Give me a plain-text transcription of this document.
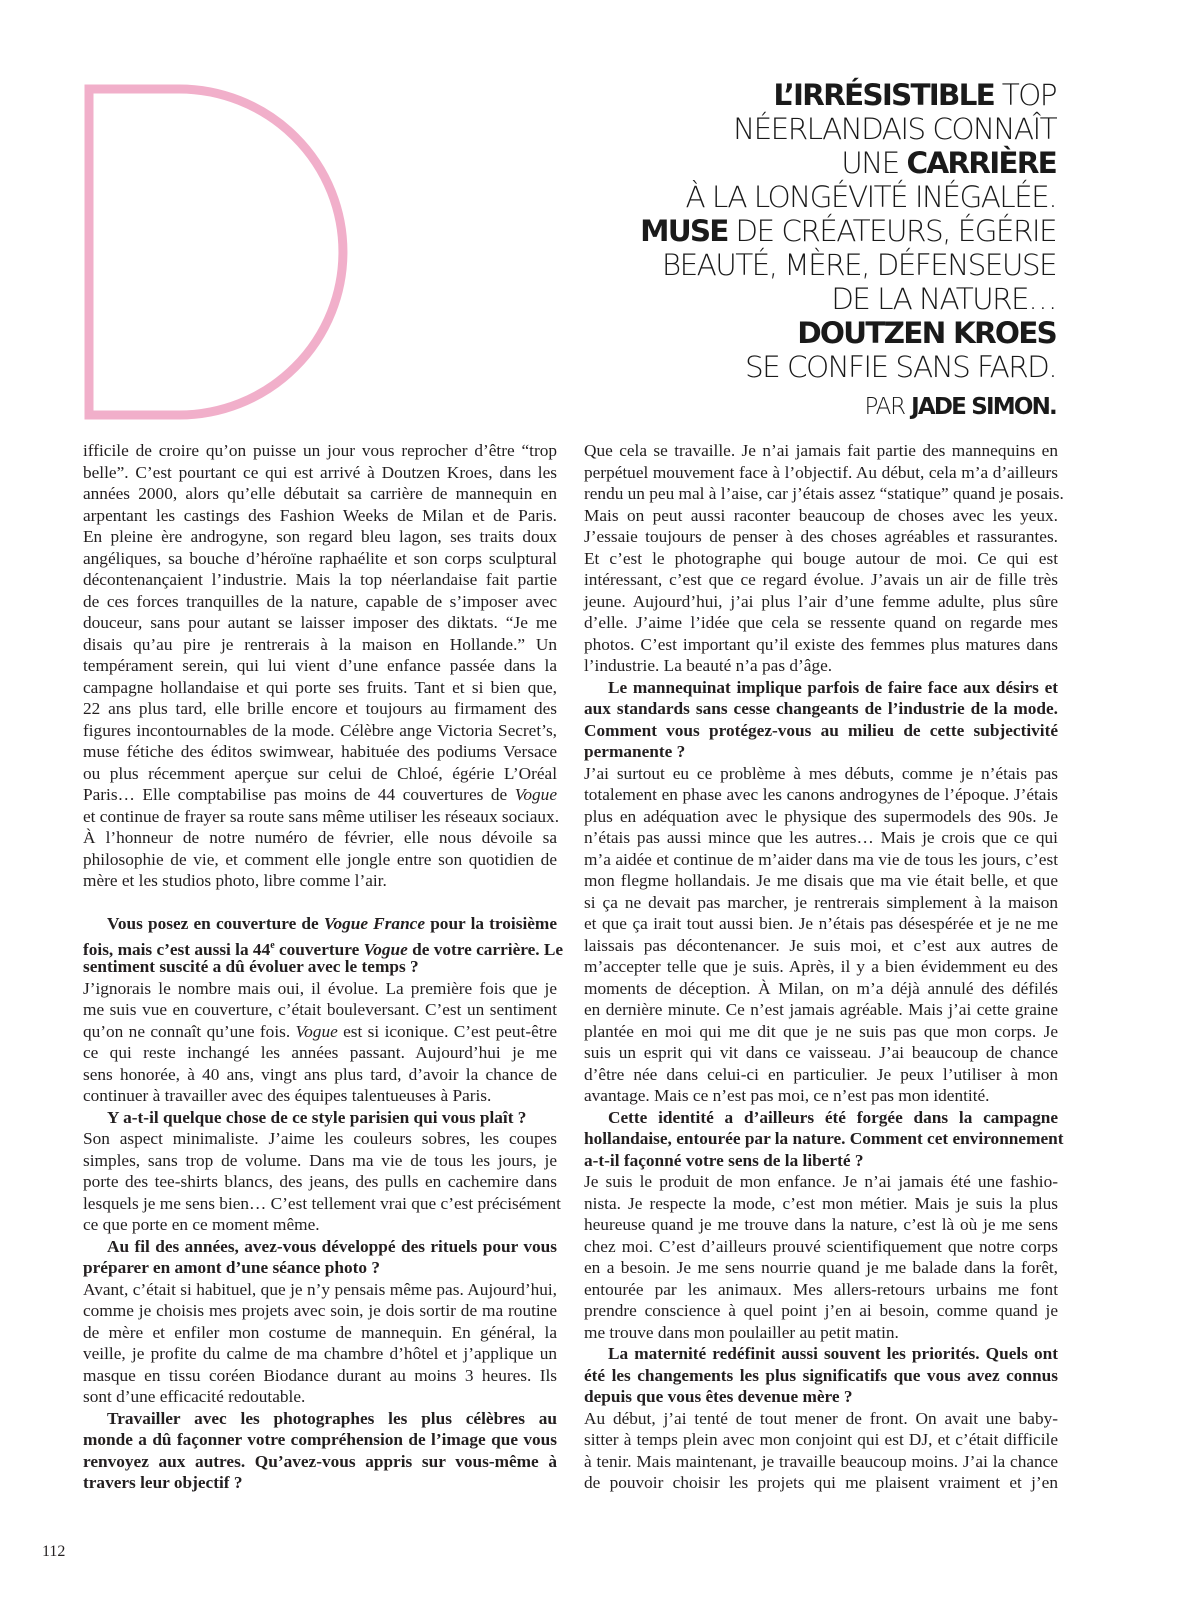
L’IRRÉSISTIBLE TOP
NÉERLANDAIS CONNAÎT
UNE CARRIÈRE
À LA LONGÉVITÉ INÉGALÉE.
MUSE DE CRÉATEURS, ÉGÉRIE
BEAUTÉ, MÈRE, DÉFENSEUSE
DE LA NATURE…
DOUTZEN KROES
SE CONFIE SANS FARD.
PAR JADE SIMON.
ifficile de croire qu’on puisse un jour vous reprocher d’être “trop
belle”. C’est pourtant ce qui est arrivé à Doutzen Kroes, dans les
années 2000, alors qu’elle débutait sa carrière de mannequin en
arpentant les castings des Fashion Weeks de Milan et de Paris.
En pleine ère androgyne, son regard bleu lagon, ses traits doux
angéliques, sa bouche d’héroïne raphaélite et son corps sculptural
décontenançaient l’industrie. Mais la top néerlandaise fait partie
de ces forces tranquilles de la nature, capable de s’imposer avec
douceur, sans pour autant se laisser imposer des diktats. “Je me
disais qu’au pire je rentrerais à la maison en Hollande.” Un
tempérament serein, qui lui vient d’une enfance passée dans la
campagne hollandaise et qui porte ses fruits. Tant et si bien que,
22 ans plus tard, elle brille encore et toujours au firmament des
figures incontournables de la mode. Célèbre ange Victoria Secret’s,
muse fétiche des éditos swimwear, habituée des podiums Versace
ou plus récemment aperçue sur celui de Chloé, égérie L’Oréal
Paris… Elle comptabilise pas moins de 44 couvertures de Vogue
et continue de frayer sa route sans même utiliser les réseaux sociaux.
À l’honneur de notre numéro de février, elle nous dévoile sa
philosophie de vie, et comment elle jongle entre son quotidien de
mère et les studios photo, libre comme l’air.
Vous posez en couverture de Vogue France pour la troisième
fois, mais c’est aussi la 44e couverture Vogue de votre carrière. Le
sentiment suscité a dû évoluer avec le temps ?
J’ignorais le nombre mais oui, il évolue. La première fois que je
me suis vue en couverture, c’était bouleversant. C’est un sentiment
qu’on ne connaît qu’une fois. Vogue est si iconique. C’est peut-être
ce qui reste inchangé les années passant. Aujourd’hui je me
sens honorée, à 40 ans, vingt ans plus tard, d’avoir la chance de
continuer à travailler avec des équipes talentueuses à Paris.
Y a-t-il quelque chose de ce style parisien qui vous plaît ?
Son aspect minimaliste. J’aime les couleurs sobres, les coupes
simples, sans trop de volume. Dans ma vie de tous les jours, je
porte des tee-shirts blancs, des jeans, des pulls en cachemire dans
lesquels je me sens bien… C’est tellement vrai que c’est précisément
ce que porte en ce moment même.
Au fil des années, avez-vous développé des rituels pour vous
préparer en amont d’une séance photo ?
Avant, c’était si habituel, que je n’y pensais même pas. Aujourd’hui,
comme je choisis mes projets avec soin, je dois sortir de ma routine
de mère et enfiler mon costume de mannequin. En général, la
veille, je profite du calme de ma chambre d’hôtel et j’applique un
masque en tissu coréen Biodance durant au moins 3 heures. Ils
sont d’une efficacité redoutable.
Travailler avec les photographes les plus célèbres au
monde a dû façonner votre compréhension de l’image que vous
renvoyez aux autres. Qu’avez-vous appris sur vous-même à
travers leur objectif ?
Que cela se travaille. Je n’ai jamais fait partie des mannequins en
perpétuel mouvement face à l’objectif. Au début, cela m’a d’ailleurs
rendu un peu mal à l’aise, car j’étais assez “statique” quand je posais.
Mais on peut aussi raconter beaucoup de choses avec les yeux.
J’essaie toujours de penser à des choses agréables et rassurantes.
Et c’est le photographe qui bouge autour de moi. Ce qui est
intéressant, c’est que ce regard évolue. J’avais un air de fille très
jeune. Aujourd’hui, j’ai plus l’air d’une femme adulte, plus sûre
d’elle. J’aime l’idée que cela se ressente quand on regarde mes
photos. C’est important qu’il existe des femmes plus matures dans
l’industrie. La beauté n’a pas d’âge.
Le mannequinat implique parfois de faire face aux désirs et
aux standards sans cesse changeants de l’industrie de la mode.
Comment vous protégez-vous au milieu de cette subjectivité
permanente ?
J’ai surtout eu ce problème à mes débuts, comme je n’étais pas
totalement en phase avec les canons androgynes de l’époque. J’étais
plus en adéquation avec le physique des supermodels des 90s. Je
n’étais pas aussi mince que les autres… Mais je crois que ce qui
m’a aidée et continue de m’aider dans ma vie de tous les jours, c’est
mon flegme hollandais. Je me disais que ma vie était belle, et que
si ça ne devait pas marcher, je rentrerais simplement à la maison
et que ça irait tout aussi bien. Je n’étais pas désespérée et je ne me
laissais pas décontenancer. Je suis moi, et c’est aux autres de
m’accepter telle que je suis. Après, il y a bien évidemment eu des
moments de déception. À Milan, on m’a déjà annulé des défilés
en dernière minute. Ce n’est jamais agréable. Mais j’ai cette graine
plantée en moi qui me dit que je ne suis pas que mon corps. Je
suis un esprit qui vit dans ce vaisseau. J’ai beaucoup de chance
d’être née dans celui-ci en particulier. Je peux l’utiliser à mon
avantage. Mais ce n’est pas moi, ce n’est pas mon identité.
Cette identité a d’ailleurs été forgée dans la campagne
hollandaise, entourée par la nature. Comment cet environnement
a-t-il façonné votre sens de la liberté ?
Je suis le produit de mon enfance. Je n’ai jamais été une fashio-
nista. Je respecte la mode, c’est mon métier. Mais je suis la plus
heureuse quand je me trouve dans la nature, c’est là où je me sens
chez moi. C’est d’ailleurs prouvé scientifiquement que notre corps
en a besoin. Je me sens nourrie quand je me balade dans la forêt,
entourée par les animaux. Mes allers-retours urbains me font
prendre conscience à quel point j’en ai besoin, comme quand je
me trouve dans mon poulailler au petit matin.
La maternité redéfinit aussi souvent les priorités. Quels ont
été les changements les plus significatifs que vous avez connus
depuis que vous êtes devenue mère ?
Au début, j’ai tenté de tout mener de front. On avait une baby-
sitter à temps plein avec mon conjoint qui est DJ, et c’était difficile
à tenir. Mais maintenant, je travaille beaucoup moins. J’ai la chance
de pouvoir choisir les projets qui me plaisent vraiment et j’en
112
